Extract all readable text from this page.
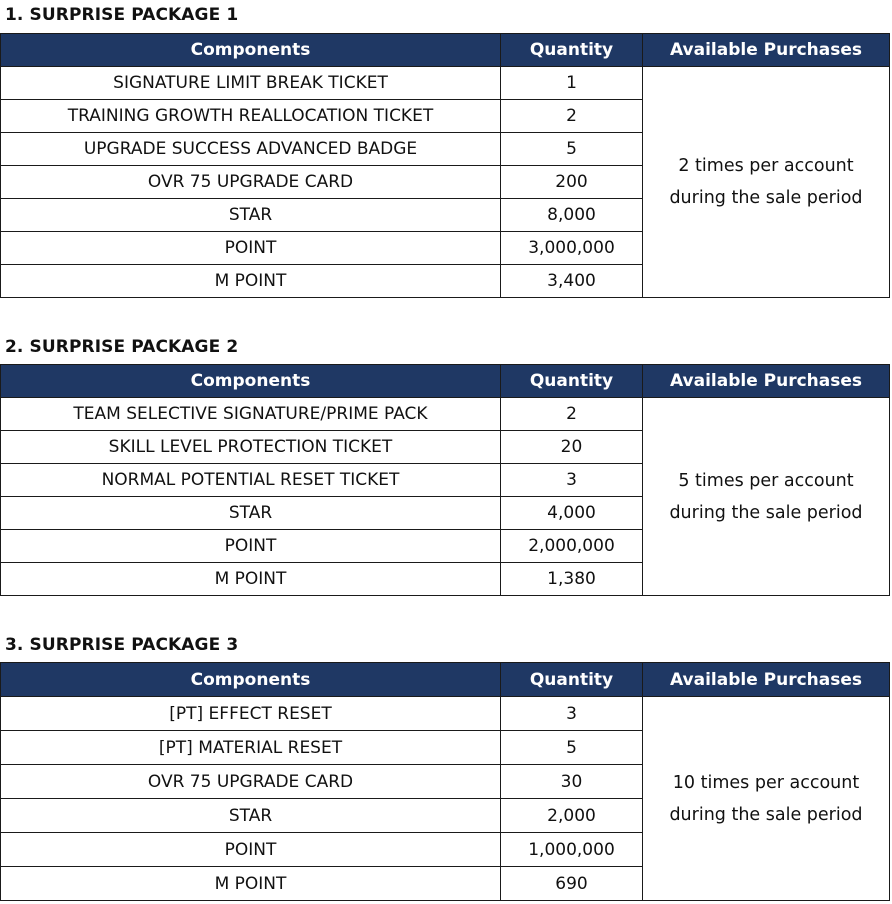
1. SURPRISE PACKAGE 1
Components	Quantity	Available Purchases
SIGNATURE LIMIT BREAK TICKET	1	2 times per account
during the sale period

TRAINING GROWTH REALLOCATION TICKET	2	
UPGRADE SUCCESS ADVANCED BADGE	5	
OVR 75 UPGRADE CARD	200	
STAR	8,000	
POINT	3,000,000	
M POINT	3,400	
2. SURPRISE PACKAGE 2
Components	Quantity	Available Purchases
TEAM SELECTIVE SIGNATURE/PRIME PACK	2	5 times per account
during the sale period

SKILL LEVEL PROTECTION TICKET	20	
NORMAL POTENTIAL RESET TICKET	3	
STAR	4,000	
POINT	2,000,000	
M POINT	1,380	
3. SURPRISE PACKAGE 3
Components	Quantity	Available Purchases
[PT] EFFECT RESET	3	10 times per account
during the sale period

[PT] MATERIAL RESET	5	
OVR 75 UPGRADE CARD	30	
STAR	2,000	
POINT	1,000,000	
M POINT	690	
